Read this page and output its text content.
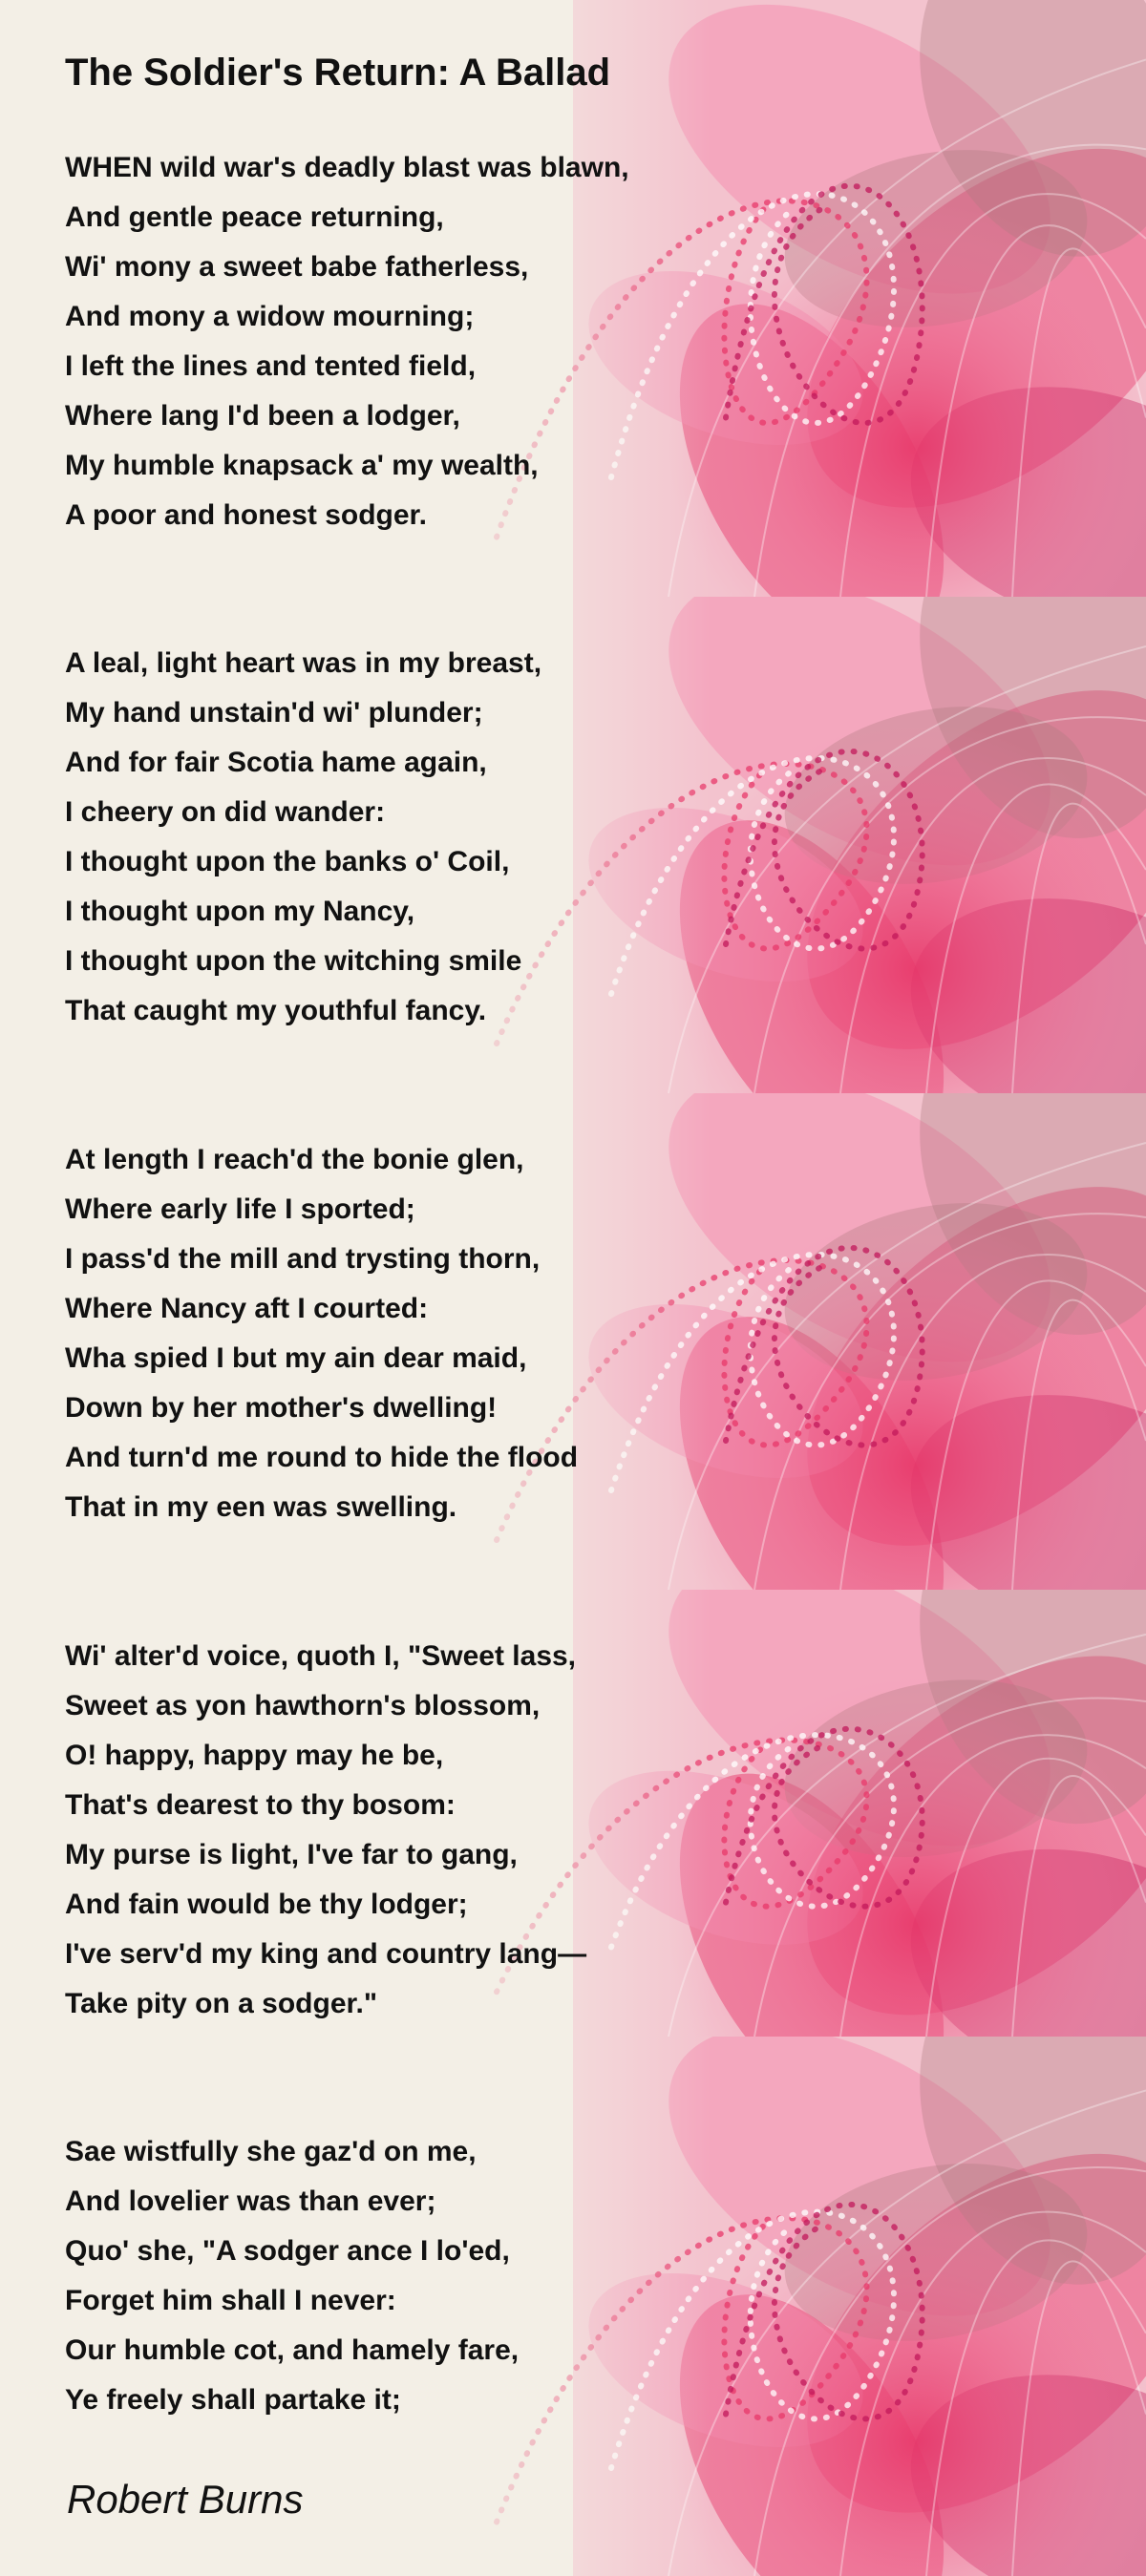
The Soldier's Return: A Ballad
WHEN wild war's deadly blast was blawn,
And gentle peace returning,
Wi' mony a sweet babe fatherless,
And mony a widow mourning;
I left the lines and tented field,
Where lang I'd been a lodger,
My humble knapsack a' my wealth,
A poor and honest sodger.
A leal, light heart was in my breast,
My hand unstain'd wi' plunder;
And for fair Scotia hame again,
I cheery on did wander:
I thought upon the banks o' Coil,
I thought upon my Nancy,
I thought upon the witching smile
That caught my youthful fancy.
At length I reach'd the bonie glen,
Where early life I sported;
I pass'd the mill and trysting thorn,
Where Nancy aft I courted:
Wha spied I but my ain dear maid,
Down by her mother's dwelling!
And turn'd me round to hide the flood
That in my een was swelling.
Wi' alter'd voice, quoth I, "Sweet lass,
Sweet as yon hawthorn's blossom,
O! happy, happy may he be,
That's dearest to thy bosom:
My purse is light, I've far to gang,
And fain would be thy lodger;
I've serv'd my king and country lang—
Take pity on a sodger."
Sae wistfully she gaz'd on me,
And lovelier was than ever;
Quo' she, "A sodger ance I lo'ed,
Forget him shall I never:
Our humble cot, and hamely fare,
Ye freely shall partake it;
Robert Burns
